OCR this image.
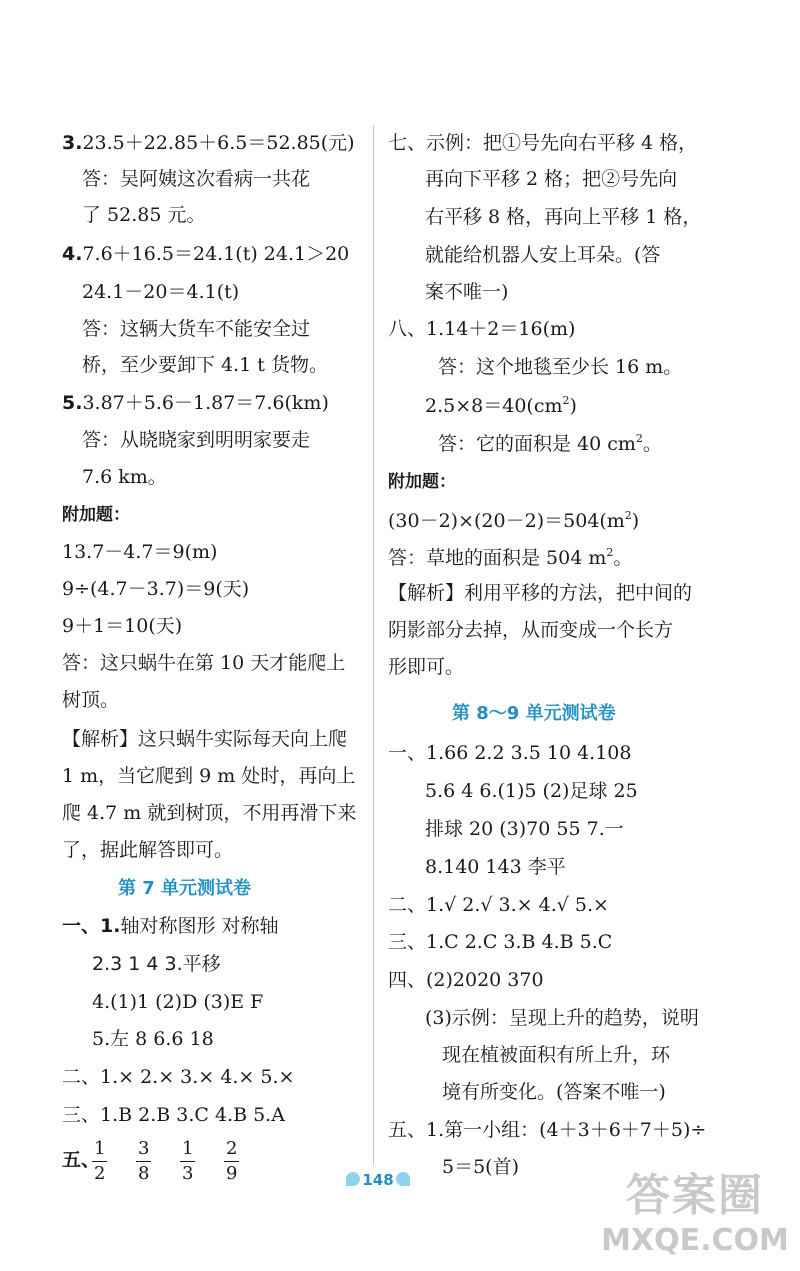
3.23.5＋22.85＋6.5＝52.85(元)
答：吴阿姨这次看病一共花
了 52.85 元。
4.7.6＋16.5＝24.1(t) 24.1＞20
24.1－20＝4.1(t)
答：这辆大货车不能安全过
桥，至少要卸下 4.1 t 货物。
5.3.87＋5.6－1.87＝7.6(km)
答：从晓晓家到明明家要走
7.6 km。
附加题：
13.7－4.7＝9(m)
9÷(4.7－3.7)＝9(天)
9＋1＝10(天)
答：这只蜗牛在第 10 天才能爬上
树顶。
【解析】这只蜗牛实际每天向上爬
1 m，当它爬到 9 m 处时，再向上
爬 4.7 m 就到树顶，不用再滑下来
了，据此解答即可。
第 7 单元测试卷
一、1.轴对称图形 对称轴
2.3 1 4 3.平移
4.(1)1 (2)D (3)E F
5.左 8 6.6 18
二、1.× 2.× 3.× 4.× 5.×
三、1.B 2.B 3.C 4.B 5.A
五、
$\frac{1}{2} \frac{3}{8} \frac{1}{3} \frac{2}{9}$
七、示例：把①号先向右平移 4 格，
再向下平移 2 格；把②号先向
右平移 8 格，再向上平移 1 格，
就能给机器人安上耳朵。(答
案不唯一)
八、1.14＋2＝16(m)
答：这个地毯至少长 16 m。
$2.5\times 8=40(cm^2)$
答：它的面积是 40 $cm^2$。
附加题：
$(30-2)\times(20-2)=504(m^2)$
答：草地的面积是 504 $m^2$。
【解析】利用平移的方法，把中间的
阴影部分去掉，从而变成一个长方
形即可。
第 8～9 单元测试卷
一、1.66 2.2 3.5 10 4.108
5.6 4 6.(1)5 (2)足球 25
排球 20 (3)70 55 7.一
8.140 143 李平
二、1.√ 2.√ 3.× 4.√ 5.×
三、1.C 2.C 3.B 4.B 5.C
四、(2)2020 370
(3)示例：呈现上升的趋势，说明
现在植被面积有所上升，环
境有所变化。(答案不唯一)
五、1.第一小组：(4＋3＋6＋7＋5)÷
5＝5(首)
148	答案圈
MXQE.COM
